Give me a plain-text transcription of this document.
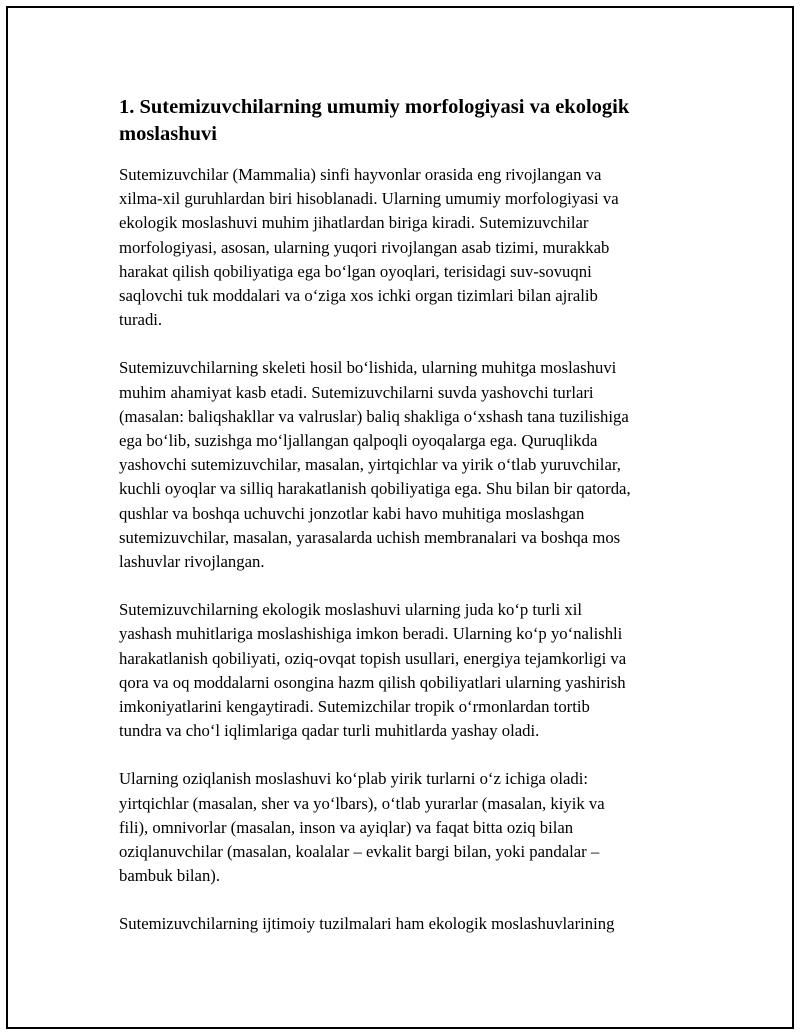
1. Sutemizuvchilarning umumiy morfologiyasi va ekologik
moslashuvi

Sutemizuvchilar (Mammalia) sinfi hayvonlar orasida eng rivojlangan va
xilma-xil guruhlardan biri hisoblanadi. Ularning umumiy morfologiyasi va
ekologik moslashuvi muhim jihatlardan biriga kiradi. Sutemizuvchilar
morfologiyasi, asosan, ularning yuqori rivojlangan asab tizimi, murakkab
harakat qilish qobiliyatiga ega bo‘lgan oyoqlari, terisidagi suv-sovuqni
saqlovchi tuk moddalari va o‘ziga xos ichki organ tizimlari bilan ajralib
turadi.

Sutemizuvchilarning skeleti hosil bo‘lishida, ularning muhitga moslashuvi
muhim ahamiyat kasb etadi. Sutemizuvchilarni suvda yashovchi turlari
(masalan: baliqshakllar va valruslar) baliq shakliga o‘xshash tana tuzilishiga
ega bo‘lib, suzishga mo‘ljallangan qalpoqli oyoqalarga ega. Quruqlikda
yashovchi sutemizuvchilar, masalan, yirtqichlar va yirik o‘tlab yuruvchilar,
kuchli oyoqlar va silliq harakatlanish qobiliyatiga ega. Shu bilan bir qatorda,
qushlar va boshqa uchuvchi jonzotlar kabi havo muhitiga moslashgan
sutemizuvchilar, masalan, yarasalarda uchish membranalari va boshqa mos
lashuvlar rivojlangan.

Sutemizuvchilarning ekologik moslashuvi ularning juda ko‘p turli xil
yashash muhitlariga moslashishiga imkon beradi. Ularning ko‘p yo‘nalishli
harakatlanish qobiliyati, oziq-ovqat topish usullari, energiya tejamkorligi va
qora va oq moddalarni osongina hazm qilish qobiliyatlari ularning yashirish
imkoniyatlarini kengaytiradi. Sutemizchilar tropik o‘rmonlardan tortib
tundra va cho‘l iqlimlariga qadar turli muhitlarda yashay oladi.

Ularning oziqlanish moslashuvi ko‘plab yirik turlarni o‘z ichiga oladi:
yirtqichlar (masalan, sher va yo‘lbars), o‘tlab yurarlar (masalan, kiyik va
fili), omnivorlar (masalan, inson va ayiqlar) va faqat bitta oziq bilan
oziqlanuvchilar (masalan, koalalar – evkalit bargi bilan, yoki pandalar –
bambuk bilan).

Sutemizuvchilarning ijtimoiy tuzilmalari ham ekologik moslashuvlarining
